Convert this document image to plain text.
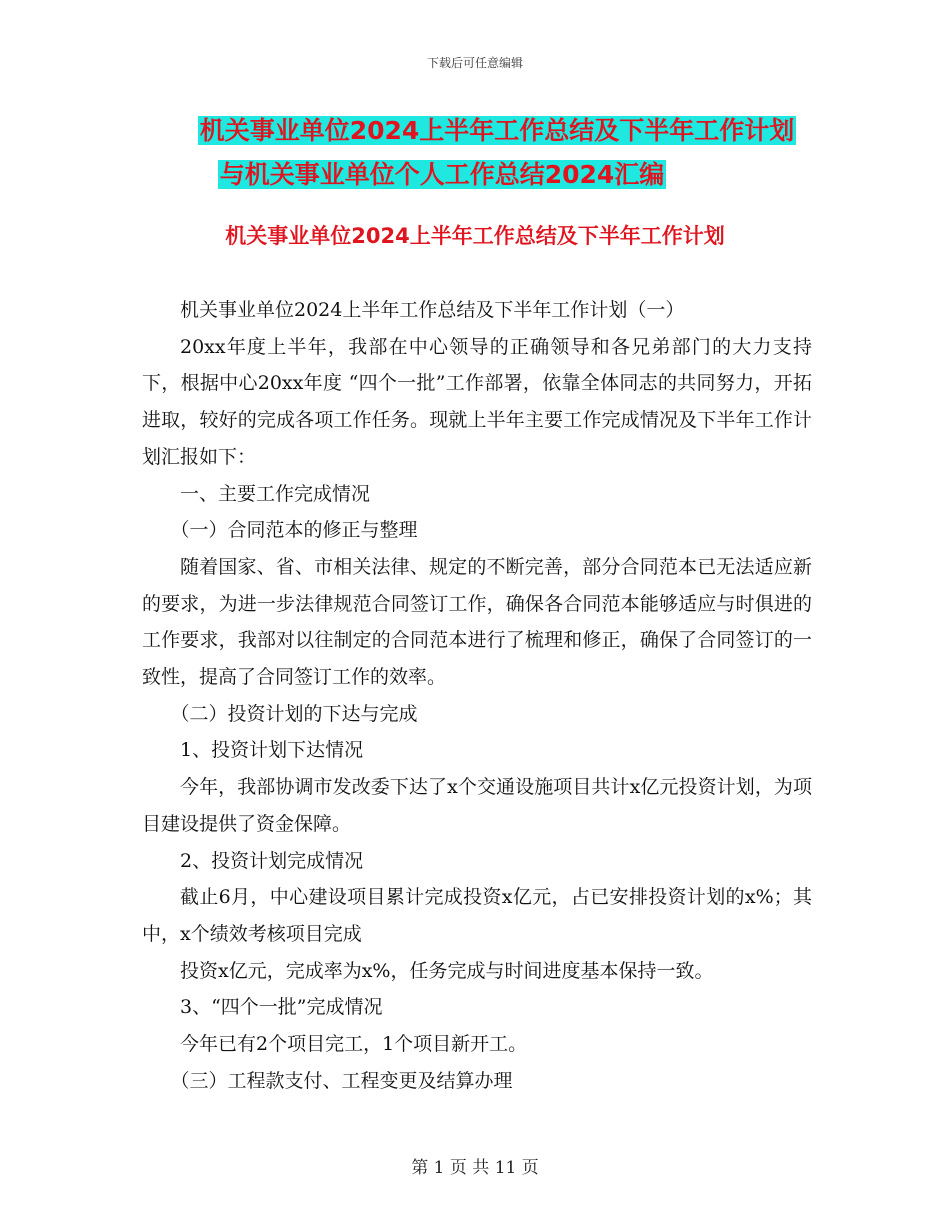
下载后可任意编辑
机关事业单位2024上半年工作总结及下半年工作计划
与机关事业单位个人工作总结2024汇编
机关事业单位2024上半年工作总结及下半年工作计划

机关事业单位2024上半年工作总结及下半年工作计划（一）

20xx年度上半年，我部在中心领导的正确领导和各兄弟部门的大力支持下，根据中心20xx年度 “四个一批”工作部署，依靠全体同志的共同努力，开拓进取，较好的完成各项工作任务。现就上半年主要工作完成情况及下半年工作计划汇报如下：

一、主要工作完成情况

（一）合同范本的修正与整理

随着国家、省、市相关法律、规定的不断完善，部分合同范本已无法适应新的要求，为进一步法律规范合同签订工作，确保各合同范本能够适应与时俱进的工作要求，我部对以往制定的合同范本进行了梳理和修正，确保了合同签订的一致性，提高了合同签订工作的效率。

（二）投资计划的下达与完成

1、投资计划下达情况

今年，我部协调市发改委下达了x个交通设施项目共计x亿元投资计划，为项目建设提供了资金保障。

2、投资计划完成情况

截止6月，中心建设项目累计完成投资x亿元，占已安排投资计划的x%；其中，x个绩效考核项目完成

投资x亿元，完成率为x%，任务完成与时间进度基本保持一致。

3、“四个一批”完成情况

今年已有2个项目完工，1个项目新开工。

（三）工程款支付、工程变更及结算办理

第 1 页 共 11 页
